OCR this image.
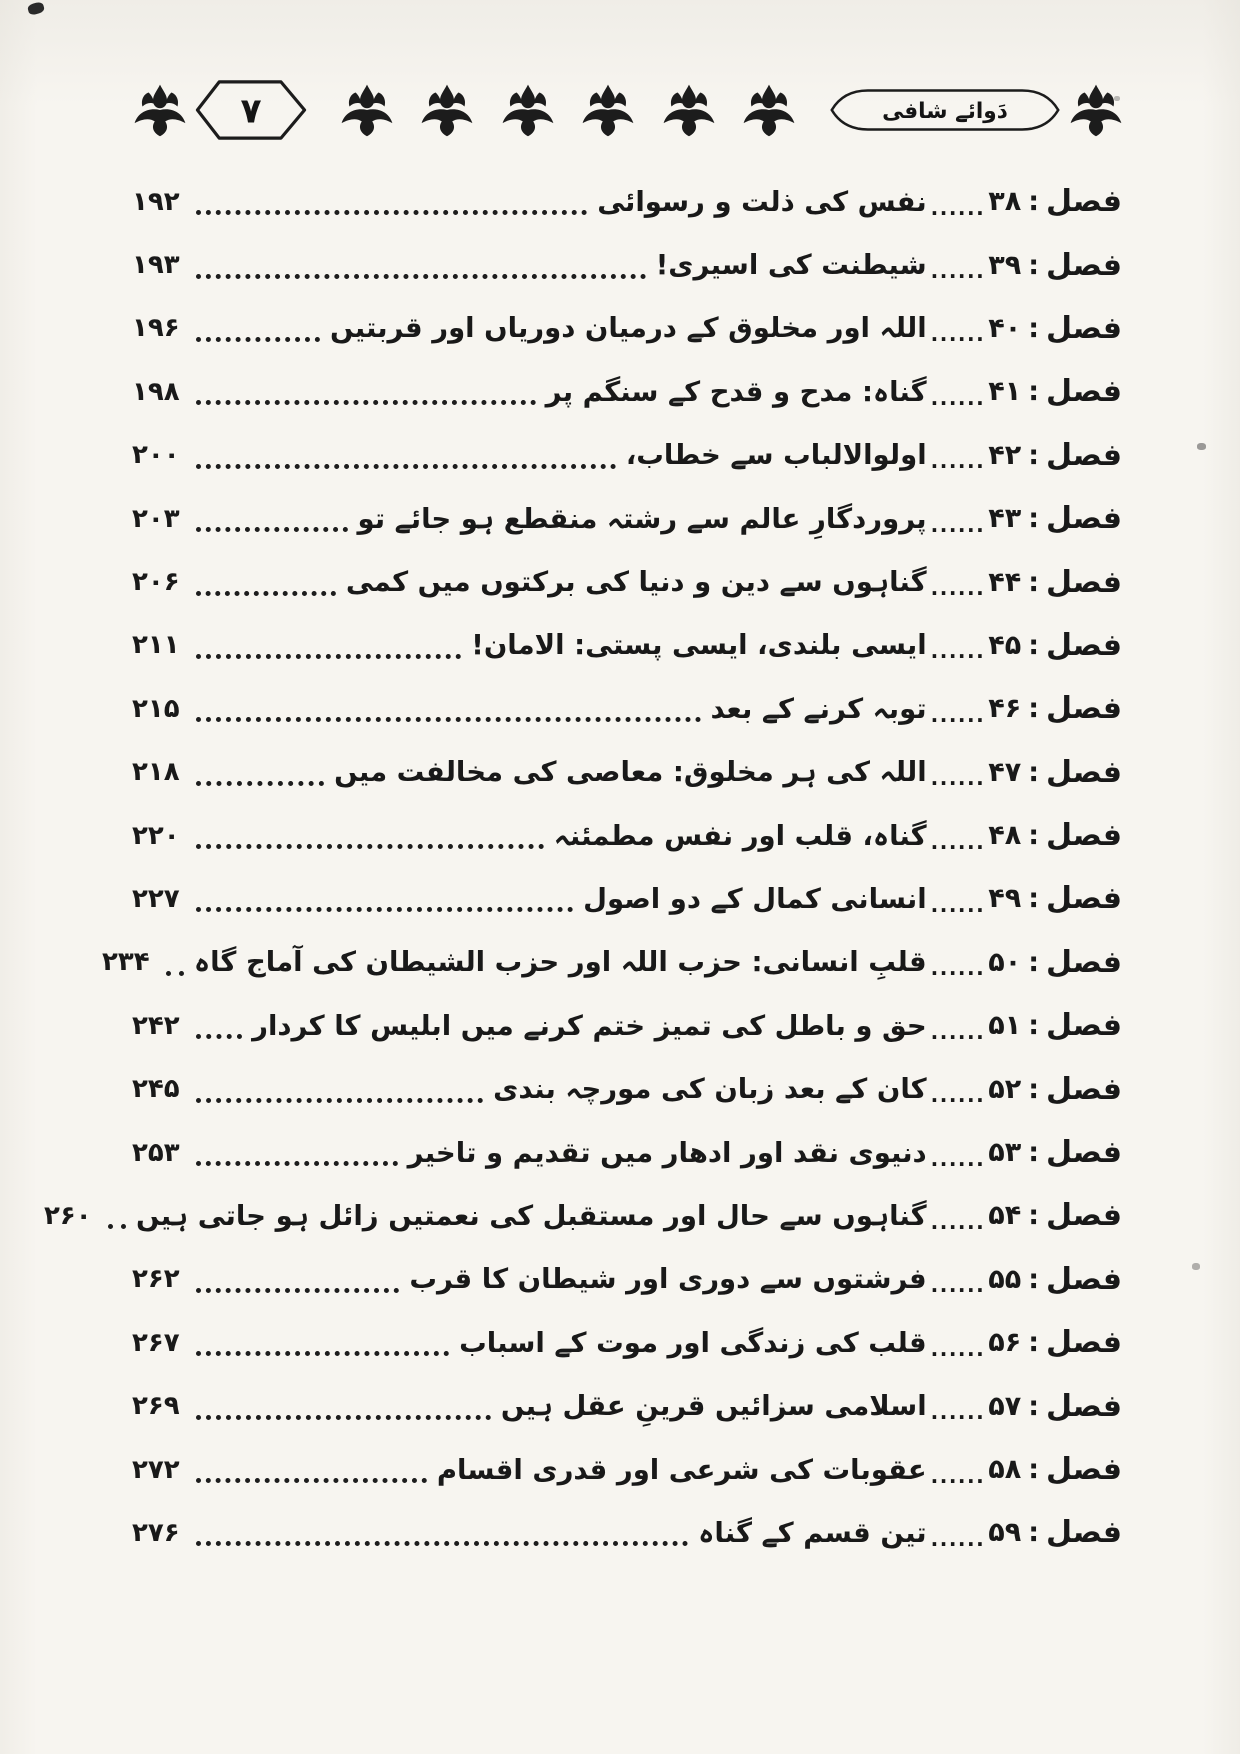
۷	دَوائے شافی
فصل
:
۳۸
......
نفس کی ذلت و رسوائی
۱۹۲
فصل
:
۳۹
......
شیطنت کی اسیری!
۱۹۳
فصل
:
۴۰
......
اللہ اور مخلوق کے درمیان دوریاں اور قربتیں
۱۹۶
فصل
:
۴۱
......
گناہ: مدح و قدح کے سنگم پر
۱۹۸
فصل
:
۴۲
......
اولوالالباب سے خطاب،
۲۰۰
فصل
:
۴۳
......
پروردگارِ عالم سے رشتہ منقطع ہو جائے تو
۲۰۳
فصل
:
۴۴
......
گناہوں سے دین و دنیا کی برکتوں میں کمی
۲۰۶
فصل
:
۴۵
......
ایسی بلندی، ایسی پستی: الامان!
۲۱۱
فصل
:
۴۶
......
توبہ کرنے کے بعد
۲۱۵
فصل
:
۴۷
......
اللہ کی ہر مخلوق: معاصی کی مخالفت میں
۲۱۸
فصل
:
۴۸
......
گناہ، قلب اور نفس مطمئنہ
۲۲۰
فصل
:
۴۹
......
انسانی کمال کے دو اصول
۲۲۷
فصل
:
۵۰
......
قلبِ انسانی: حزب اللہ اور حزب الشیطان کی آماج گاہ
۲۳۴
فصل
:
۵۱
......
حق و باطل کی تمیز ختم کرنے میں ابلیس کا کردار
۲۴۲
فصل
:
۵۲
......
کان کے بعد زبان کی مورچہ بندی
۲۴۵
فصل
:
۵۳
......
دنیوی نقد اور ادھار میں تقدیم و تاخیر
۲۵۳
فصل
:
۵۴
......
گناہوں سے حال اور مستقبل کی نعمتیں زائل ہو جاتی ہیں
۲۶۰
فصل
:
۵۵
......
فرشتوں سے دوری اور شیطان کا قرب
۲۶۲
فصل
:
۵۶
......
قلب کی زندگی اور موت کے اسباب
۲۶۷
فصل
:
۵۷
......
اسلامی سزائیں قرینِ عقل ہیں
۲۶۹
فصل
:
۵۸
......
عقوبات کی شرعی اور قدری اقسام
۲۷۲
فصل
:
۵۹
......
تین قسم کے گناہ
۲۷۶
